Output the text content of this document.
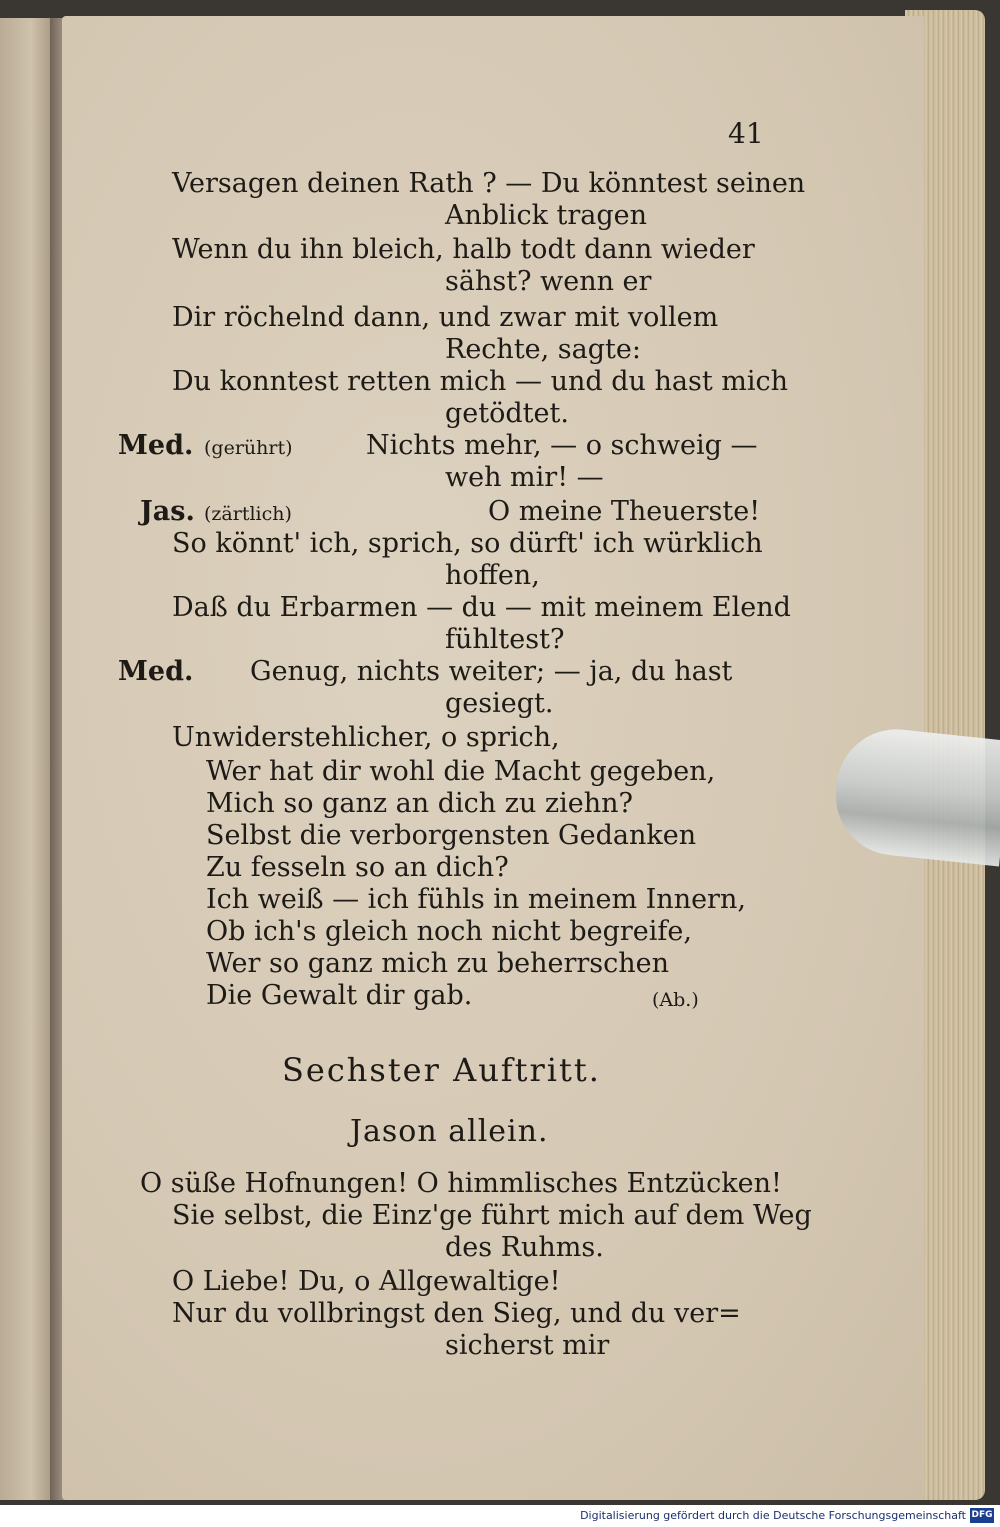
41
Versagen deinen Rath ? — Du könntest seinen
Anblick tragen
Wenn du ihn bleich, halb todt dann wieder
sähst? wenn er
Dir röchelnd dann, und zwar mit vollem
Rechte, sagte:
Du konntest retten mich — und du hast mich
getödtet.
Med. (gerührt)	Nichts mehr, — o schweig —
weh mir! —
Jas. (zärtlich)	O meine Theuerste!
So könnt' ich, sprich, so dürft' ich würklich
hoffen,
Daß du Erbarmen — du — mit meinem Elend
fühltest?
Med. Genug, nichts weiter; — ja, du hast
gesiegt.
Unwiderstehlicher, o sprich,
Wer hat dir wohl die Macht gegeben,
Mich so ganz an dich zu ziehn?
Selbst die verborgensten Gedanken
Zu fesseln so an dich?
Ich weiß — ich fühls in meinem Innern,
Ob ich's gleich noch nicht begreife,
Wer so ganz mich zu beherrschen
Die Gewalt dir gab.	(Ab.)
Sechster Auftritt.
Jason allein.
O süße Hofnungen! O himmlisches Entzücken!
Sie selbst, die Einz'ge führt mich auf dem Weg
des Ruhms.
O Liebe! Du, o Allgewaltige!
Nur du vollbringst den Sieg, und du ver=
sicherst mir
Digitalisierung gefördert durch die Deutsche Forschungsgemeinschaft DFG
